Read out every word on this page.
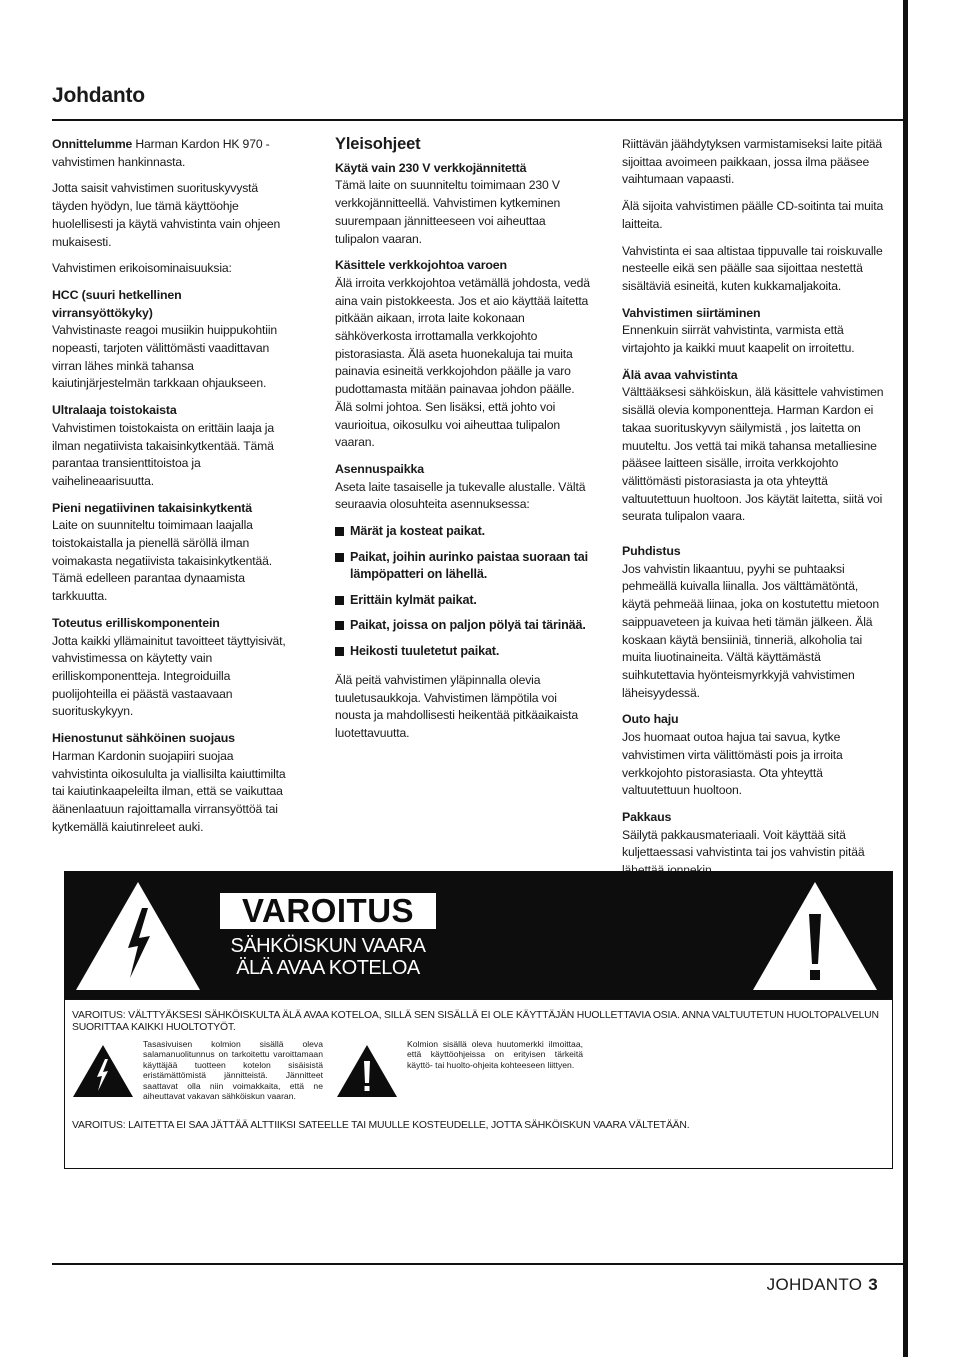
Johdanto

Onnittelumme Harman Kardon HK 970 -vahvistimen hankinnasta.

Jotta saisit vahvistimen suorituskyvystä täyden hyödyn, lue tämä käyttöohje huolellisesti ja käytä vahvistinta vain ohjeen mukaisesti.

Vahvistimen erikoisominaisuuksia:

HCC (suuri hetkellinen virransyöttökyky)

Vahvistinaste reagoi musiikin huippukohtiin nopeasti, tarjoten välittömästi vaadittavan virran lähes minkä tahansa kaiutinjärjestelmän tarkkaan ohjaukseen.

Ultralaaja toistokaista

Vahvistimen toistokaista on erittäin laaja ja ilman negatiivista takaisinkytkentää. Tämä parantaa transienttitoistoa ja vaihelineaarisuutta.

Pieni negatiivinen takaisinkytkentä

Laite on suunniteltu toimimaan laajalla toistokaistalla ja pienellä säröllä ilman voimakasta negatiivista takaisinkytkentää. Tämä edelleen parantaa dynaamista tarkkuutta.

Toteutus erilliskomponentein

Jotta kaikki yllämainitut tavoitteet täyttyisivät, vahvistimessa on käytetty vain erilliskomponentteja. Integroiduilla puolijohteilla ei päästä vastaavaan suorituskykyyn.

Hienostunut sähköinen suojaus

Harman Kardonin suojapiiri suojaa vahvistinta oikosululta ja viallisilta kaiuttimilta tai kaiutinkaapeleilta ilman, että se vaikuttaa äänenlaatuun rajoittamalla virransyöttöä tai kytkemällä kaiutinreleet auki.

Yleisohjeet
Käytä vain 230 V verkkojännitettä

Tämä laite on suunniteltu toimimaan 230 V verkkojännitteellä. Vahvistimen kytkeminen suurempaan jännitteeseen voi aiheuttaa tulipalon vaaran.

Käsittele verkkojohtoa varoen

Älä irroita verkkojohtoa vetämällä johdosta, vedä aina vain pistokkeesta. Jos et aio käyttää laitetta pitkään aikaan, irrota laite kokonaan sähköverkosta irrottamalla verkkojohto pistorasiasta. Älä aseta huonekaluja tai muita painavia esineitä verkkojohdon päälle ja varo pudottamasta mitään painavaa johdon päälle. Älä solmi johtoa. Sen lisäksi, että johto voi vaurioitua, oikosulku voi aiheuttaa tulipalon vaaran.

Asennuspaikka

Aseta laite tasaiselle ja tukevalle alustalle. Vältä seuraavia olosuhteita asennuksessa:

Märät ja kosteat paikat.
Paikat, joihin aurinko paistaa suoraan tai lämpöpatteri on lähellä.
Erittäin kylmät paikat.
Paikat, joissa on paljon pölyä tai tärinää.
Heikosti tuuletetut paikat.

Älä peitä vahvistimen yläpinnalla olevia tuuletusaukkoja. Vahvistimen lämpötila voi nousta ja mahdollisesti heikentää pitkäaikaista luotettavuutta.

Riittävän jäähdytyksen varmistamiseksi laite pitää sijoittaa avoimeen paikkaan, jossa ilma pääsee vaihtumaan vapaasti.

Älä sijoita vahvistimen päälle CD-soitinta tai muita laitteita.

Vahvistinta ei saa altistaa tippuvalle tai roiskuvalle nesteelle eikä sen päälle saa sijoittaa nestettä sisältäviä esineitä, kuten kukkamaljakoita.

Vahvistimen siirtäminen

Ennenkuin siirrät vahvistinta, varmista että virtajohto ja kaikki muut kaapelit on irroitettu.

Älä avaa vahvistinta

Välttääksesi sähköiskun, älä käsittele vahvistimen sisällä olevia komponentteja. Harman Kardon ei takaa suorituskyvyn säilymistä , jos laitetta on muuteltu. Jos vettä tai mikä tahansa metalliesine pääsee laitteen sisälle, irroita verkkojohto välittömästi pistorasiasta ja ota yhteyttä valtuutettuun huoltoon. Jos käytät laitetta, siitä voi seurata tulipalon vaara.

Puhdistus

Jos vahvistin likaantuu, pyyhi se puhtaaksi pehmeällä kuivalla liinalla. Jos välttämätöntä, käytä pehmeää liinaa, joka on kostutettu mietoon saippuaveteen ja kuivaa heti tämän jälkeen. Älä koskaan käytä bensiiniä, tinneriä, alkoholia tai muita liuotinaineita. Vältä käyttämästä suihkutettavia hyönteismyrkkyjä vahvistimen läheisyydessä.

Outo haju

Jos huomaat outoa hajua tai savua, kytke vahvistimen virta välittömästi pois ja irroita verkkojohto pistorasiasta. Ota yhteyttä valtuutettuun huoltoon.

Pakkaus

Säilytä pakkausmateriaali. Voit käyttää sitä kuljettaessasi vahvistinta tai jos vahvistin pitää

VAROITUS
SÄHKÖISKUN VAARA
ÄLÄ AVAA KOTELOA
VAROITUS: VÄLTTYÄKSESI SÄHKÖISKULTA ÄLÄ AVAA KOTELOA, SILLÄ SEN SISÄLLÄ EI OLE KÄYTTÄJÄN HUOLLETTAVIA OSIA. ANNA VALTUUTETUN HUOLTOPALVELUN SUORITTAA KAIKKI HUOLTOTYÖT.
Tasasivuisen kolmion sisällä oleva salamanuolitunnus on tarkoitettu varoittamaan käyttäjää tuotteen kotelon sisäisistä eristämättömistä jännitteistä. Jännitteet saattavat olla niin voimakkaita, että ne aiheuttavat vakavan sähköiskun vaaran.
Kolmion sisällä oleva huutomerkki ilmoittaa, että käyttöohjeissa on erityisen tärkeitä käyttö- tai huolto-ohjeita kohteeseen liittyen.
VAROITUS: LAITETTA EI SAA JÄTTÄÄ ALTTIIKSI SATEELLE TAI MUULLE KOSTEUDELLE, JOTTA SÄHKÖISKUN VAARA VÄLTETÄÄN.
JOHDANTO 3
